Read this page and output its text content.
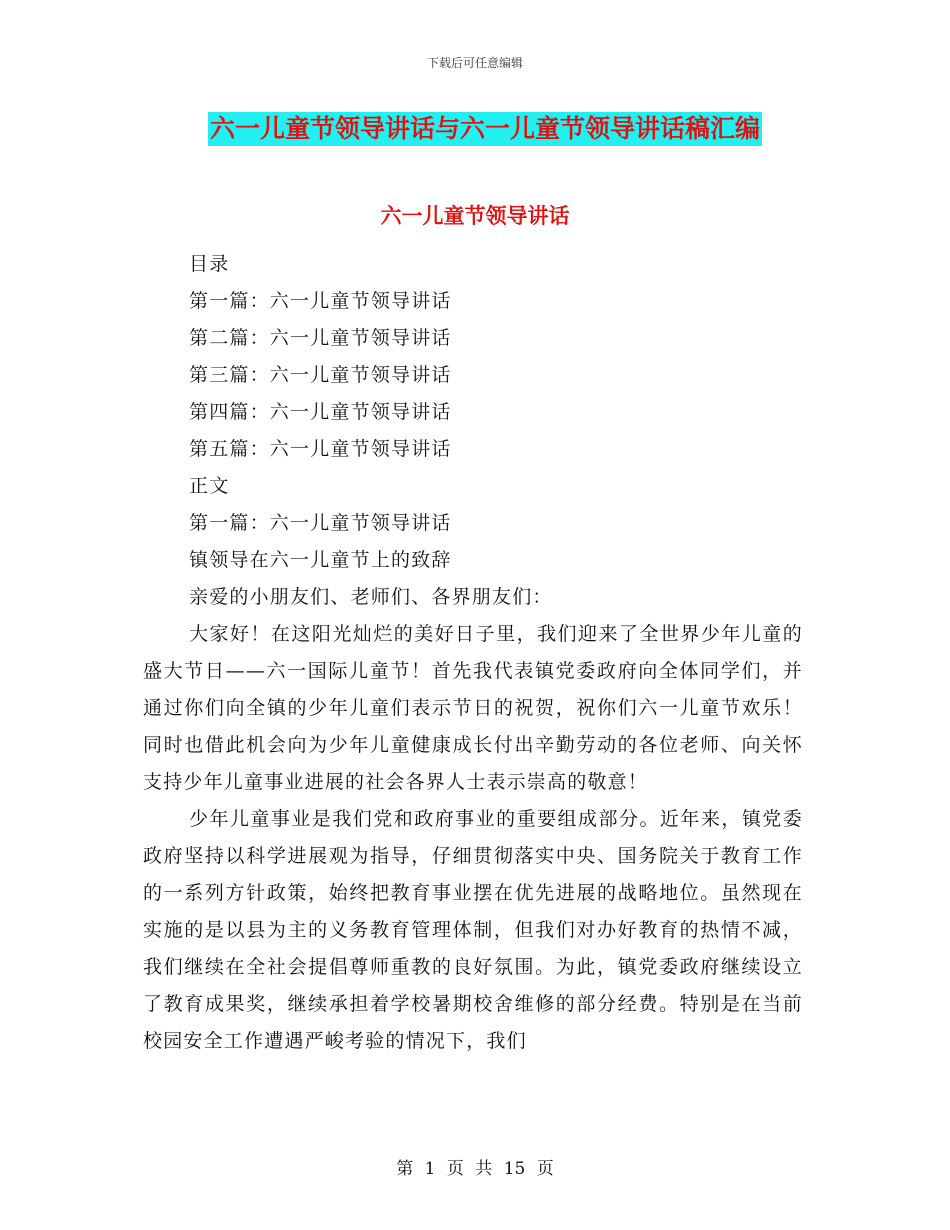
下载后可任意编辑
六一儿童节领导讲话与六一儿童节领导讲话稿汇编
六一儿童节领导讲话
目录
第一篇：六一儿童节领导讲话
第二篇：六一儿童节领导讲话
第三篇：六一儿童节领导讲话
第四篇：六一儿童节领导讲话
第五篇：六一儿童节领导讲话
正文
第一篇：六一儿童节领导讲话
镇领导在六一儿童节上的致辞
亲爱的小朋友们、老师们、各界朋友们：
大家好！在这阳光灿烂的美好日子里，我们迎来了全世界少年儿童的盛大节日——六一国际儿童节！首先我代表镇党委政府向全体同学们，并通过你们向全镇的少年儿童们表示节日的祝贺，祝你们六一儿童节欢乐！同时也借此机会向为少年儿童健康成长付出辛勤劳动的各位老师、向关怀支持少年儿童事业进展的社会各界人士表示崇高的敬意！
少年儿童事业是我们党和政府事业的重要组成部分。近年来，镇党委政府坚持以科学进展观为指导，仔细贯彻落实中央、国务院关于教育工作的一系列方针政策，始终把教育事业摆在优先进展的战略地位。虽然现在实施的是以县为主的义务教育管理体制，但我们对办好教育的热情不减，我们继续在全社会提倡尊师重教的良好氛围。为此，镇党委政府继续设立了教育成果奖，继续承担着学校暑期校舍维修的部分经费。特别是在当前校园安全工作遭遇严峻考验的情况下，我们
第 1 页 共 15 页
